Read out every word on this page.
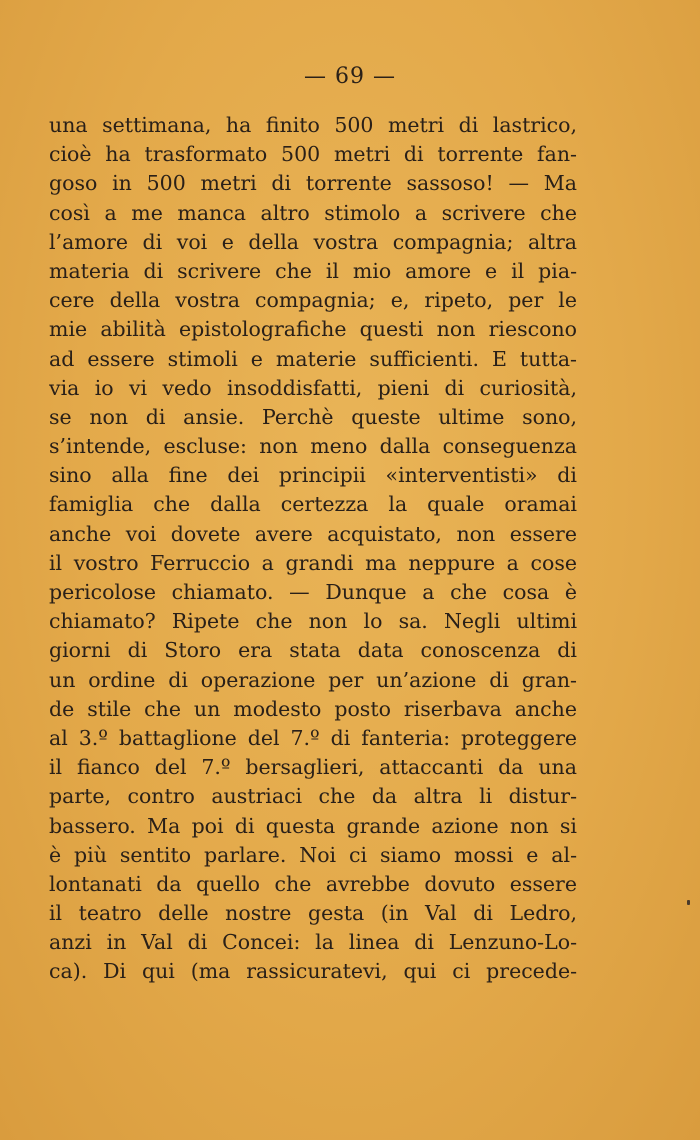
— 69 —
una settimana, ha finito 500 metri di lastrico,
cioè ha trasformato 500 metri di torrente fan-
goso in 500 metri di torrente sassoso! — Ma
così a me manca altro stimolo a scrivere che
l’amore di voi e della vostra compagnia; altra
materia di scrivere che il mio amore e il pia-
cere della vostra compagnia; e, ripeto, per le
mie abilità epistolografiche questi non riescono
ad essere stimoli e materie sufficienti. E tutta-
via io vi vedo insoddisfatti, pieni di curiosità,
se non di ansie. Perchè queste ultime sono,
s’intende, escluse: non meno dalla conseguenza
sino alla fine dei principii «interventisti» di
famiglia che dalla certezza la quale oramai
anche voi dovete avere acquistato, non essere
il vostro Ferruccio a grandi ma neppure a cose
pericolose chiamato. — Dunque a che cosa è
chiamato? Ripete che non lo sa. Negli ultimi
giorni di Storo era stata data conoscenza di
un ordine di operazione per un’azione di gran-
de stile che un modesto posto riserbava anche
al 3.º battaglione del 7.º di fanteria: proteggere
il fianco del 7.º bersaglieri, attaccanti da una
parte, contro austriaci che da altra li distur-
bassero. Ma poi di questa grande azione non si
è più sentito parlare. Noi ci siamo mossi e al-
lontanati da quello che avrebbe dovuto essere
il teatro delle nostre gesta (in Val di Ledro,
anzi in Val di Concei: la linea di Lenzuno-Lo-
ca). Di qui (ma rassicuratevi, qui ci precede-
